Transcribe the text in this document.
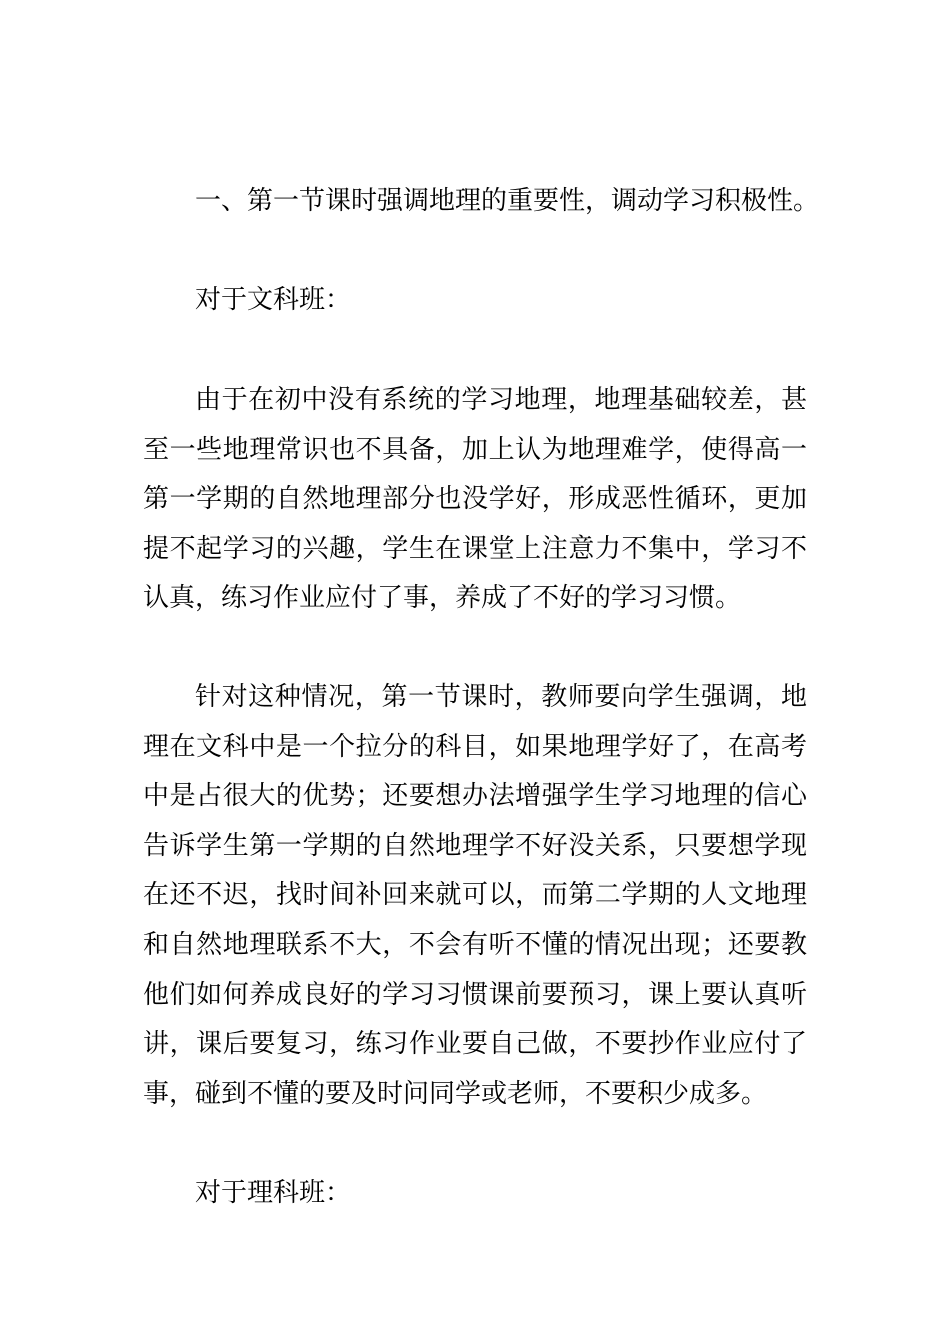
一、第一节课时强调地理的重要性，调动学习积极性。
对于文科班：
由于在初中没有系统的学习地理，地理基础较差，甚至一些地理常识也不具备，加上认为地理难学，使得高一第一学期的自然地理部分也没学好，形成恶性循环，更加提不起学习的兴趣，学生在课堂上注意力不集中，学习不认真，练习作业应付了事，养成了不好的学习习惯。
针对这种情况，第一节课时，教师要向学生强调，地理在文科中是一个拉分的科目，如果地理学好了，在高考中是占很大的优势；还要想办法增强学生学习地理的信心告诉学生第一学期的自然地理学不好没关系，只要想学现在还不迟，找时间补回来就可以，而第二学期的人文地理和自然地理联系不大，不会有听不懂的情况出现；还要教他们如何养成良好的学习习惯课前要预习，课上要认真听讲，课后要复习，练习作业要自己做，不要抄作业应付了事，碰到不懂的要及时问同学或老师，不要积少成多。
对于理科班：
